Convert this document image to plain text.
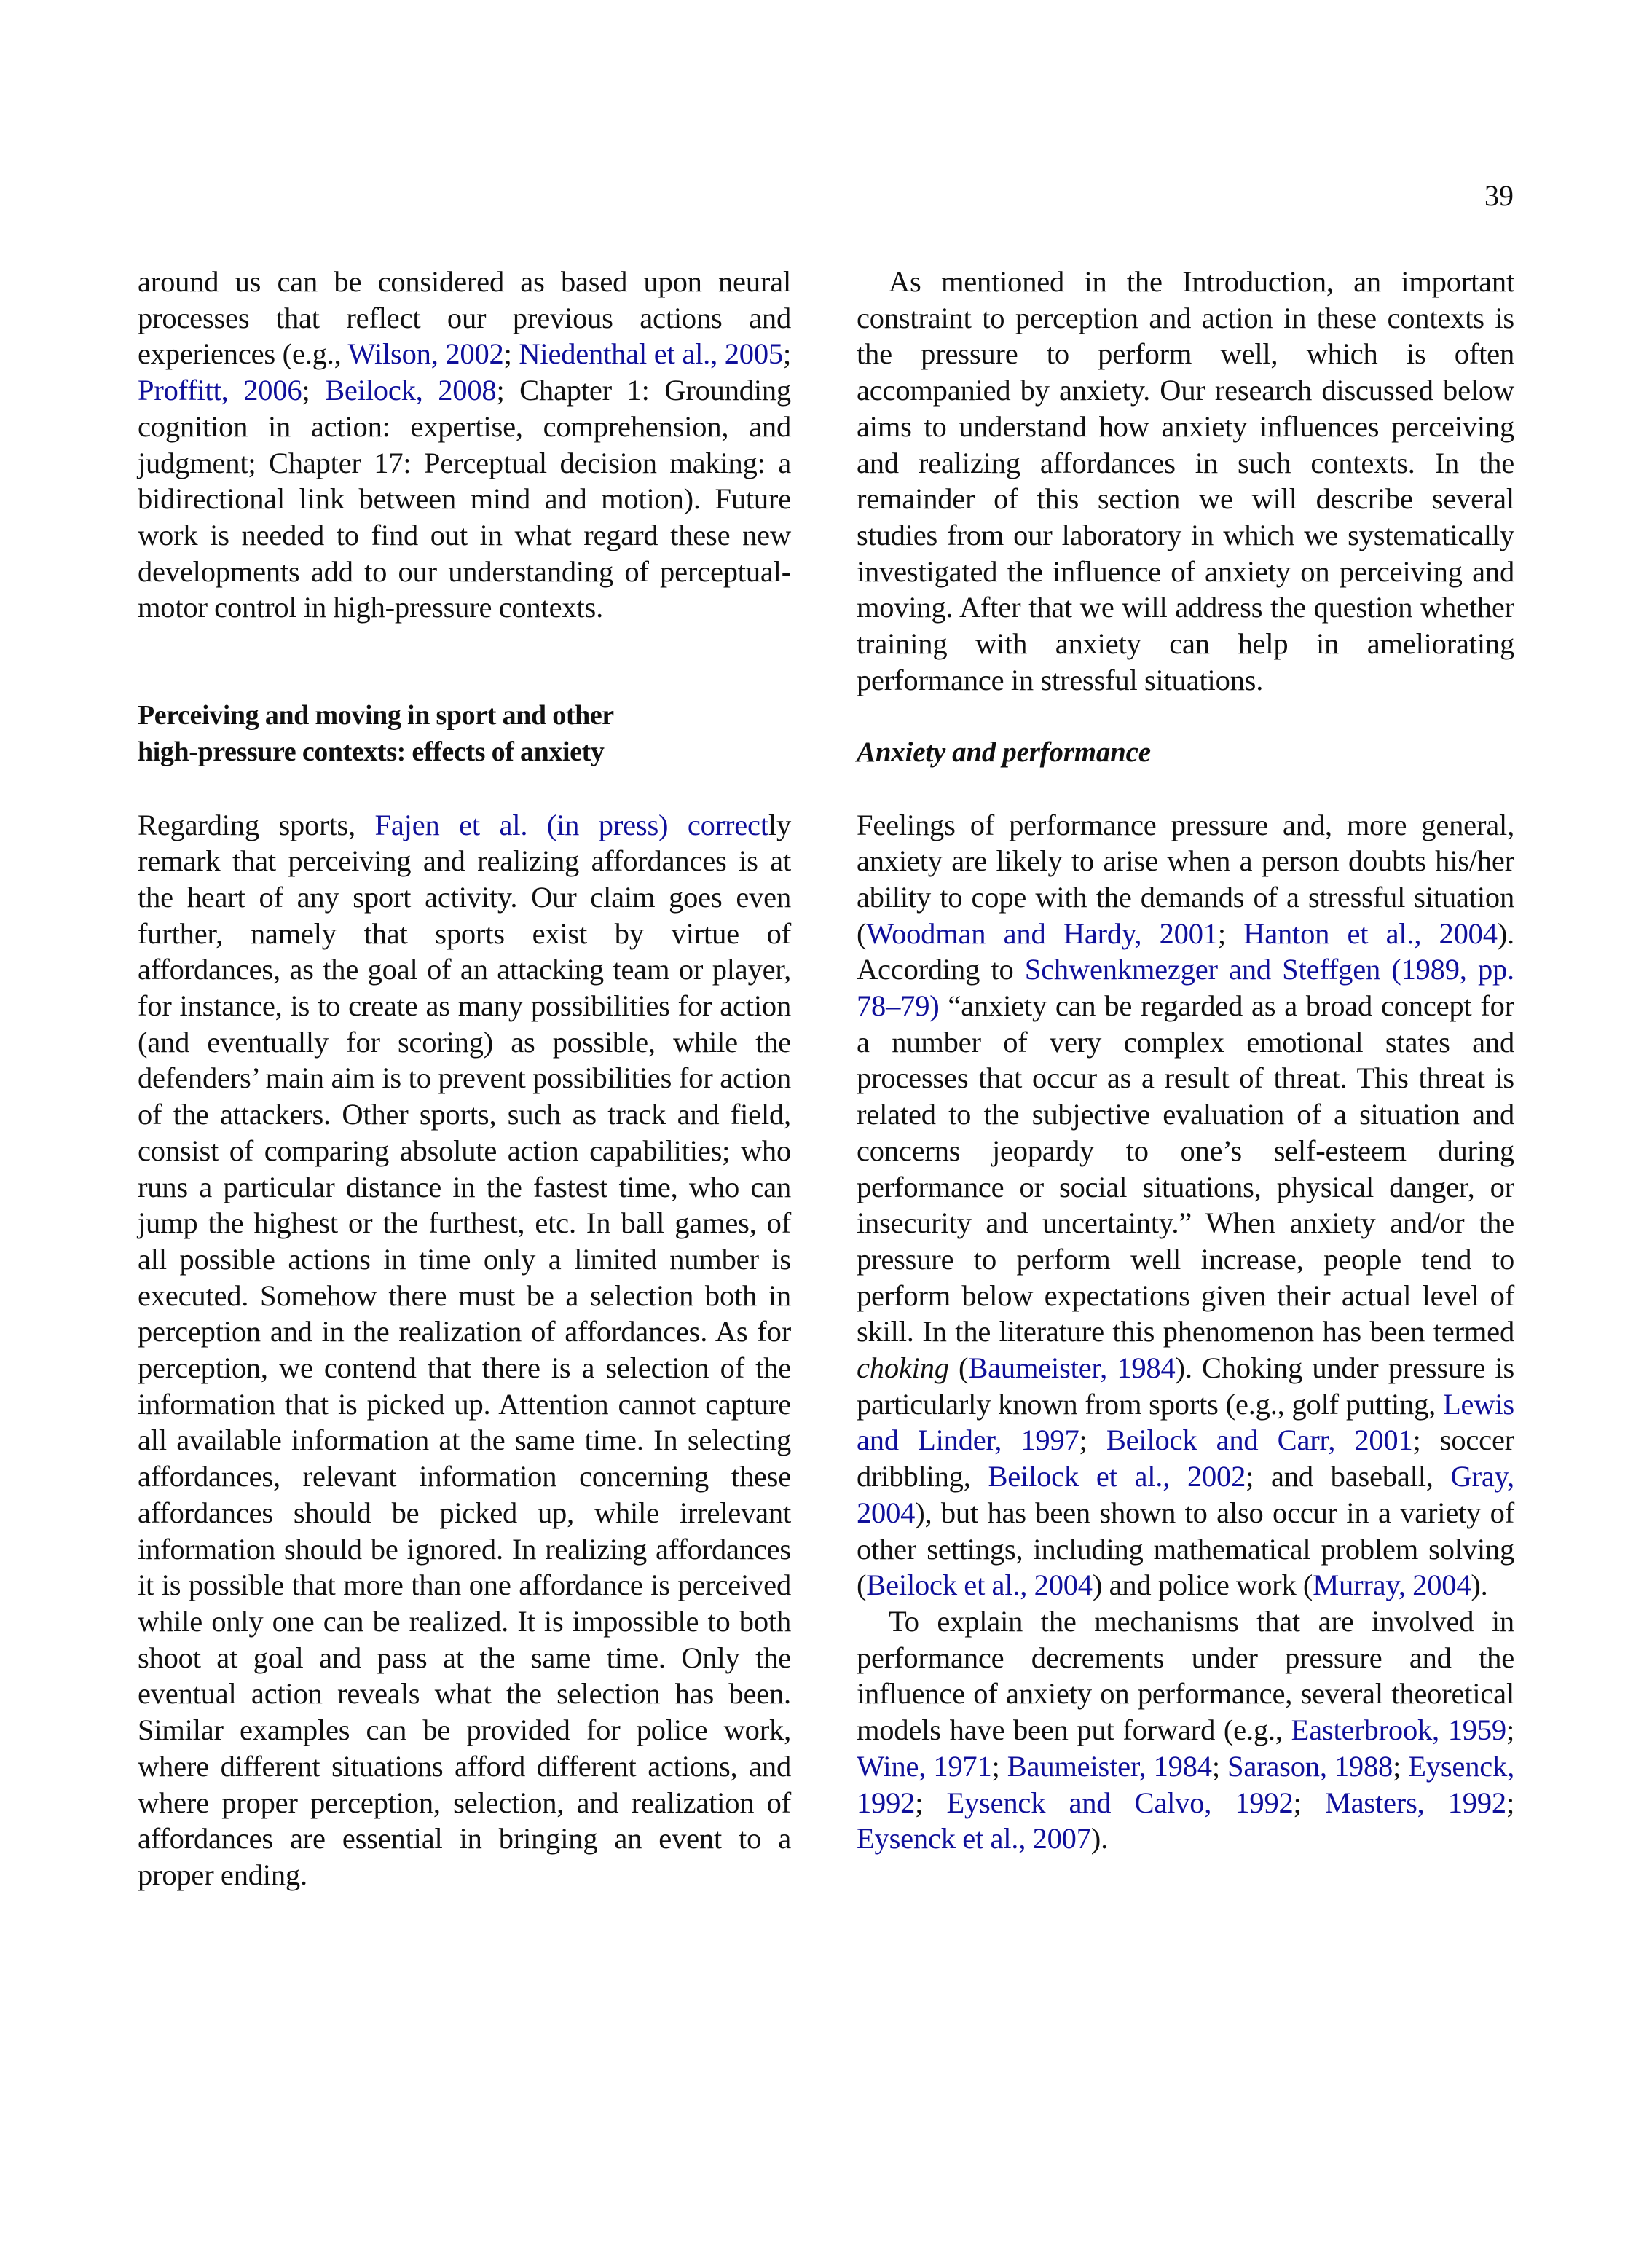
39

around us can be considered as based upon neural processes that reflect our previous actions and experiences (e.g., Wilson, 2002; Niedenthal et al., 2005; Proffitt, 2006; Beilock, 2008; Chapter 1: Grounding cognition in action: expertise, comprehension, and judgment; Chapter 17: Perceptual decision making: a bidirectional link between mind and motion). Future work is needed to find out in what regard these new developments add to our understanding of perceptual-motor control in high-pressure contexts.

Perceiving and moving in sport and other
high-pressure contexts: effects of anxiety

Regarding sports, Fajen et al. (in press) correctly remark that perceiving and realizing affordances is at the heart of any sport activity. Our claim goes even further, namely that sports exist by virtue of affordances, as the goal of an attacking team or player, for instance, is to create as many possibilities for action (and eventually for scoring) as possible, while the defenders’ main aim is to prevent possibilities for action of the attackers. Other sports, such as track and field, consist of comparing absolute action capabilities; who runs a particular distance in the fastest time, who can jump the highest or the furthest, etc. In ball games, of all possible actions in time only a limited number is executed. Somehow there must be a selection both in perception and in the realization of affordances. As for perception, we contend that there is a selection of the information that is picked up. Attention cannot capture all available information at the same time. In selecting affordances, relevant information concerning these affordances should be picked up, while irrelevant information should be ignored. In realizing affordances it is possible that more than one affordance is perceived while only one can be realized. It is impossible to both shoot at goal and pass at the same time. Only the eventual action reveals what the selection has been. Similar examples can be provided for police work, where different situations afford different actions, and where proper perception, selection, and realization of affordances are essential in bringing an event to a proper ending.

As mentioned in the Introduction, an important constraint to perception and action in these contexts is the pressure to perform well, which is often accompanied by anxiety. Our research discussed below aims to understand how anxiety influences perceiving and realizing affordances in such contexts. In the remainder of this section we will describe several studies from our laboratory in which we systematically investigated the influence of anxiety on perceiving and moving. After that we will address the question whether training with anxiety can help in ameliorating performance in stressful situations.

Anxiety and performance

Feelings of performance pressure and, more general, anxiety are likely to arise when a person doubts his/her ability to cope with the demands of a stressful situation (Woodman and Hardy, 2001; Hanton et al., 2004). According to Schwenkmezger and Steffgen (1989, pp. 78–79) “anxiety can be regarded as a broad concept for a number of very complex emotional states and processes that occur as a result of threat. This threat is related to the subjective evaluation of a situation and concerns jeopardy to one’s self-esteem during performance or social situations, physical danger, or insecurity and uncertainty.” When anxiety and/or the pressure to perform well increase, people tend to perform below expectations given their actual level of skill. In the literature this phenomenon has been termed choking (Baumeister, 1984). Choking under pressure is particularly known from sports (e.g., golf putting, Lewis and Linder, 1997; Beilock and Carr, 2001; soccer dribbling, Beilock et al., 2002; and baseball, Gray, 2004), but has been shown to also occur in a variety of other settings, including mathematical problem solving (Beilock et al., 2004) and police work (Murray, 2004).

To explain the mechanisms that are involved in performance decrements under pressure and the influence of anxiety on performance, several theoretical models have been put forward (e.g., Easterbrook, 1959; Wine, 1971; Baumeister, 1984; Sarason, 1988; Eysenck, 1992; Eysenck and Calvo, 1992; Masters, 1992; Eysenck et al., 2007).
